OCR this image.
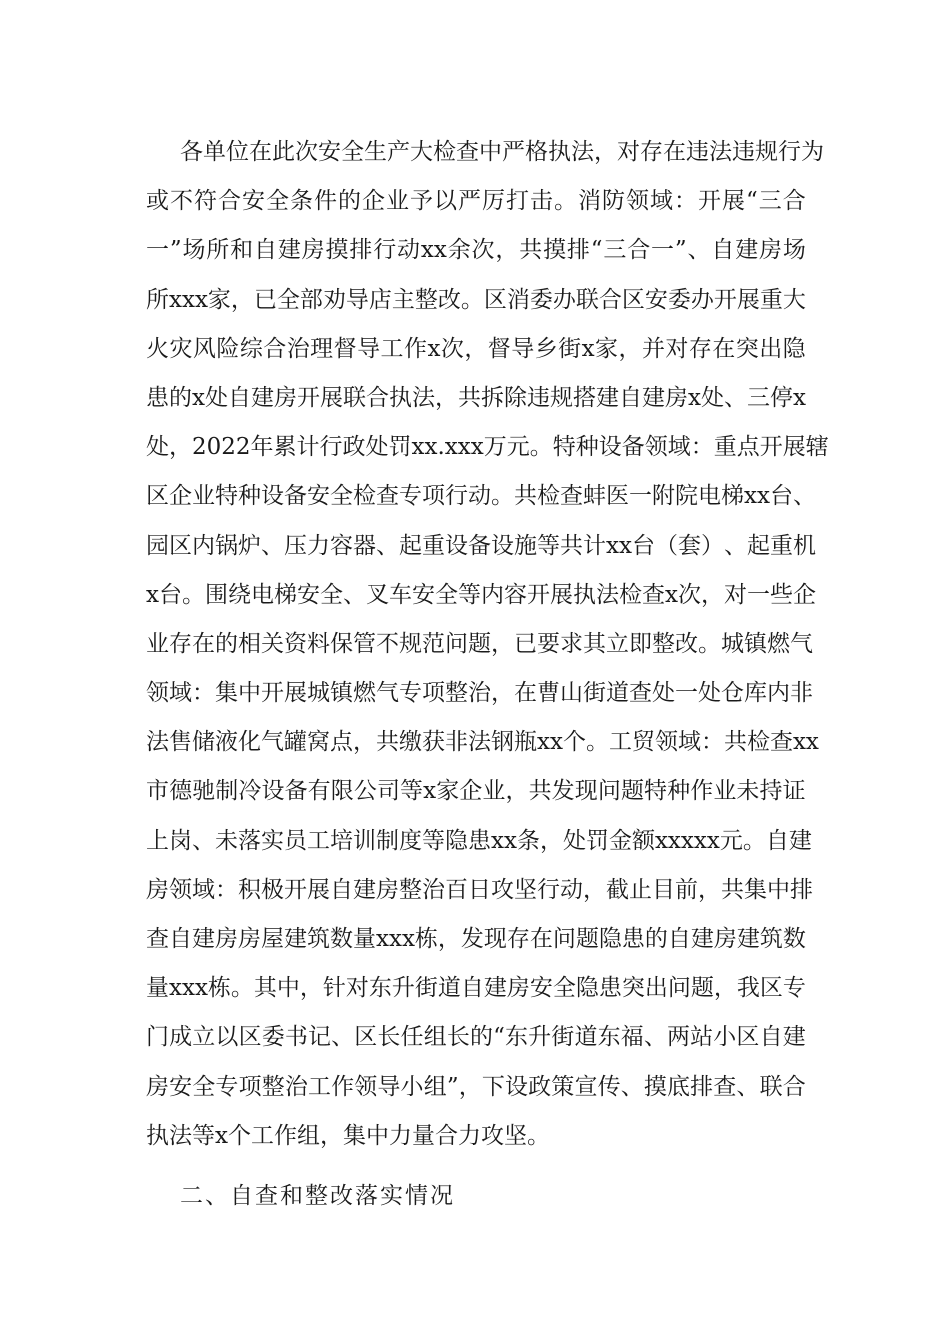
各 单 位 在 此 次 安 全 生 产 大 检 查 中 严 格 执 法 ， 对 存 在 违 法 违 规 行 为
或 不 符 合 安 全 条 件 的 企 业 予 以 严 厉 打 击 。 消 防 领 域 ： 开 展 “ 三 合
一 ” 场 所 和 自 建 房 摸 排 行 动 xx 余 次 ， 共 摸 排 “ 三 合 一 ” 、 自 建 房 场
所 xxx 家 ， 已 全 部 劝 导 店 主 整 改 。 区 消 委 办 联 合 区 安 委 办 开 展 重 大
火 灾 风 险 综 合 治 理 督 导 工 作 x 次 ， 督 导 乡 街 x 家 ， 并 对 存 在 突 出 隐
患 的 x 处 自 建 房 开 展 联 合 执 法 ， 共 拆 除 违 规 搭 建 自 建 房 x 处 、 三 停 x
处 ， 2022 年 累 计 行 政 处 罚 xx.xxx 万 元 。 特 种 设 备 领 域 ： 重 点 开 展 辖
区 企 业 特 种 设 备 安 全 检 查 专 项 行 动 。 共 检 查 蚌 医 一 附 院 电 梯 xx 台 、
园 区 内 锅 炉 、 压 力 容 器 、 起 重 设 备 设 施 等 共 计 xx 台 （ 套 ） 、 起 重 机
x 台 。 围 绕 电 梯 安 全 、 叉 车 安 全 等 内 容 开 展 执 法 检 查 x 次 ， 对 一 些 企
业 存 在 的 相 关 资 料 保 管 不 规 范 问 题 ， 已 要 求 其 立 即 整 改 。 城 镇 燃 气
领 域 ： 集 中 开 展 城 镇 燃 气 专 项 整 治 ， 在 曹 山 街 道 查 处 一 处 仓 库 内 非
法 售 储 液 化 气 罐 窝 点 ， 共 缴 获 非 法 钢 瓶 xx 个 。 工 贸 领 域 ： 共 检 查 xx
市 德 驰 制 冷 设 备 有 限 公 司 等 x 家 企 业 ， 共 发 现 问 题 特 种 作 业 未 持 证
上 岗 、 未 落 实 员 工 培 训 制 度 等 隐 患 xx 条 ， 处 罚 金 额 xxxxx 元 。 自 建
房 领 域 ： 积 极 开 展 自 建 房 整 治 百 日 攻 坚 行 动 ， 截 止 目 前 ， 共 集 中 排
查 自 建 房 房 屋 建 筑 数 量 xxx 栋 ， 发 现 存 在 问 题 隐 患 的 自 建 房 建 筑 数
量 xxx 栋 。 其 中 ， 针 对 东 升 街 道 自 建 房 安 全 隐 患 突 出 问 题 ， 我 区 专
门 成 立 以 区 委 书 记 、 区 长 任 组 长 的 “ 东 升 街 道 东 福 、 两 站 小 区 自 建
房 安 全 专 项 整 治 工 作 领 导 小 组 ” ， 下 设 政 策 宣 传 、 摸 底 排 查 、 联 合
执法等x个工作组，集中力量合力攻坚。
二、自查和整改落实情况
